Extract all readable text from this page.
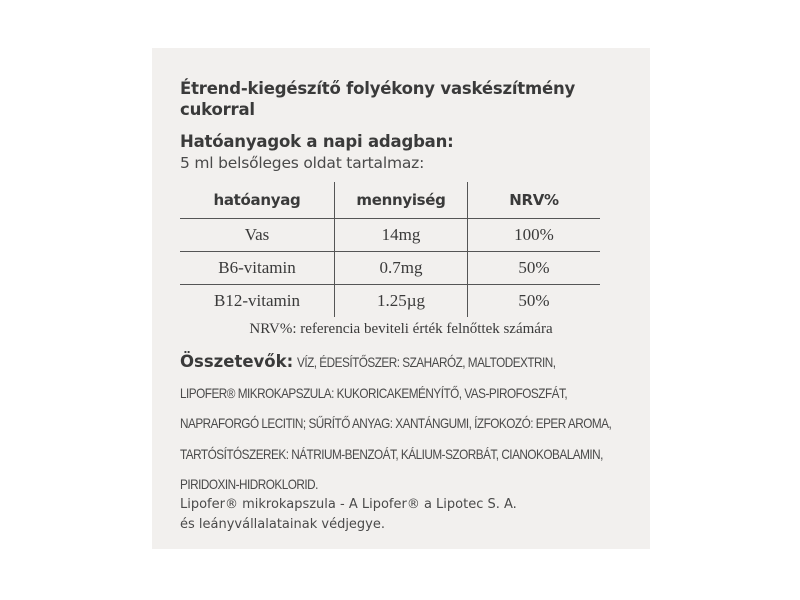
Étrend-kiegészítő folyékony vaskészítmény cukorral
Hatóanyagok a napi adagban:
5 ml belsőleges oldat tartalmaz:
hatóanyag	mennyiség	NRV%
Vas	14mg	100%
B6-vitamin	0.7mg	50%
B12-vitamin	1.25µg	50%
NRV%: referencia beviteli érték felnőttek számára
Összetevők: VÍZ, ÉDESÍTŐSZER: SZAHARÓZ, MALTODEXTRIN,
LIPOFER® MIKROKAPSZULA: KUKORICAKEMÉNYÍTŐ, VAS-PIROFOSZFÁT,
NAPRAFORGÓ LECITIN; SŰRÍTŐ ANYAG: XANTÁNGUMI, ÍZFOKOZÓ: EPER AROMA,
TARTÓSÍTÓSZEREK: NÁTRIUM-BENZOÁT, KÁLIUM-SZORBÁT, CIANOKOBALAMIN,
PIRIDOXIN-HIDROKLORID.
Lipofer® mikrokapszula - A Lipofer® a Lipotec S. A.
és leányvállalatainak védjegye.
